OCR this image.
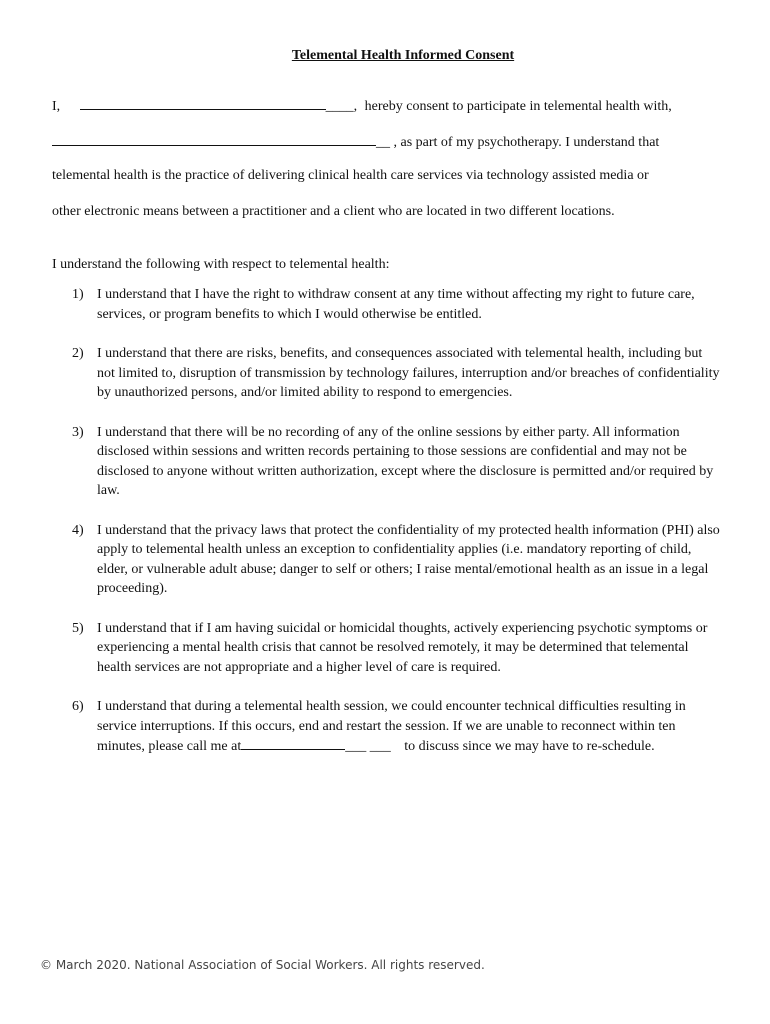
Telemental Health Informed Consent
I,	____, hereby consent to participate in telemental health with,
__ , as part of my psychotherapy. I understand that
telemental health is the practice of delivering clinical health care services via technology assisted media or
other electronic means between a practitioner and a client who are located in two different locations.
I understand the following with respect to telemental health:
1) I understand that I have the right to withdraw consent at any time without affecting my right to future care, services, or program benefits to which I would otherwise be entitled.
2) I understand that there are risks, benefits, and consequences associated with telemental health, including but not limited to, disruption of transmission by technology failures, interruption and/or breaches of confidentiality by unauthorized persons, and/or limited ability to respond to emergencies.
3) I understand that there will be no recording of any of the online sessions by either party. All information disclosed within sessions and written records pertaining to those sessions are confidential and may not be disclosed to anyone without written authorization, except where the disclosure is permitted and/or required by law.
4) I understand that the privacy laws that protect the confidentiality of my protected health information (PHI) also apply to telemental health unless an exception to confidentiality applies (i.e. mandatory reporting of child, elder, or vulnerable adult abuse; danger to self or others; I raise mental/emotional health as an issue in a legal proceeding).
5) I understand that if I am having suicidal or homicidal thoughts, actively experiencing psychotic symptoms or experiencing a mental health crisis that cannot be resolved remotely, it may be determined that telemental health services are not appropriate and a higher level of care is required.
6) I understand that during a telemental health session, we could encounter technical difficulties resulting in service interruptions. If this occurs, end and restart the session. If we are unable to reconnect within ten minutes, please call me at	___ ___ to discuss since we may have to re-schedule.
© March 2020. National Association of Social Workers. All rights reserved.
